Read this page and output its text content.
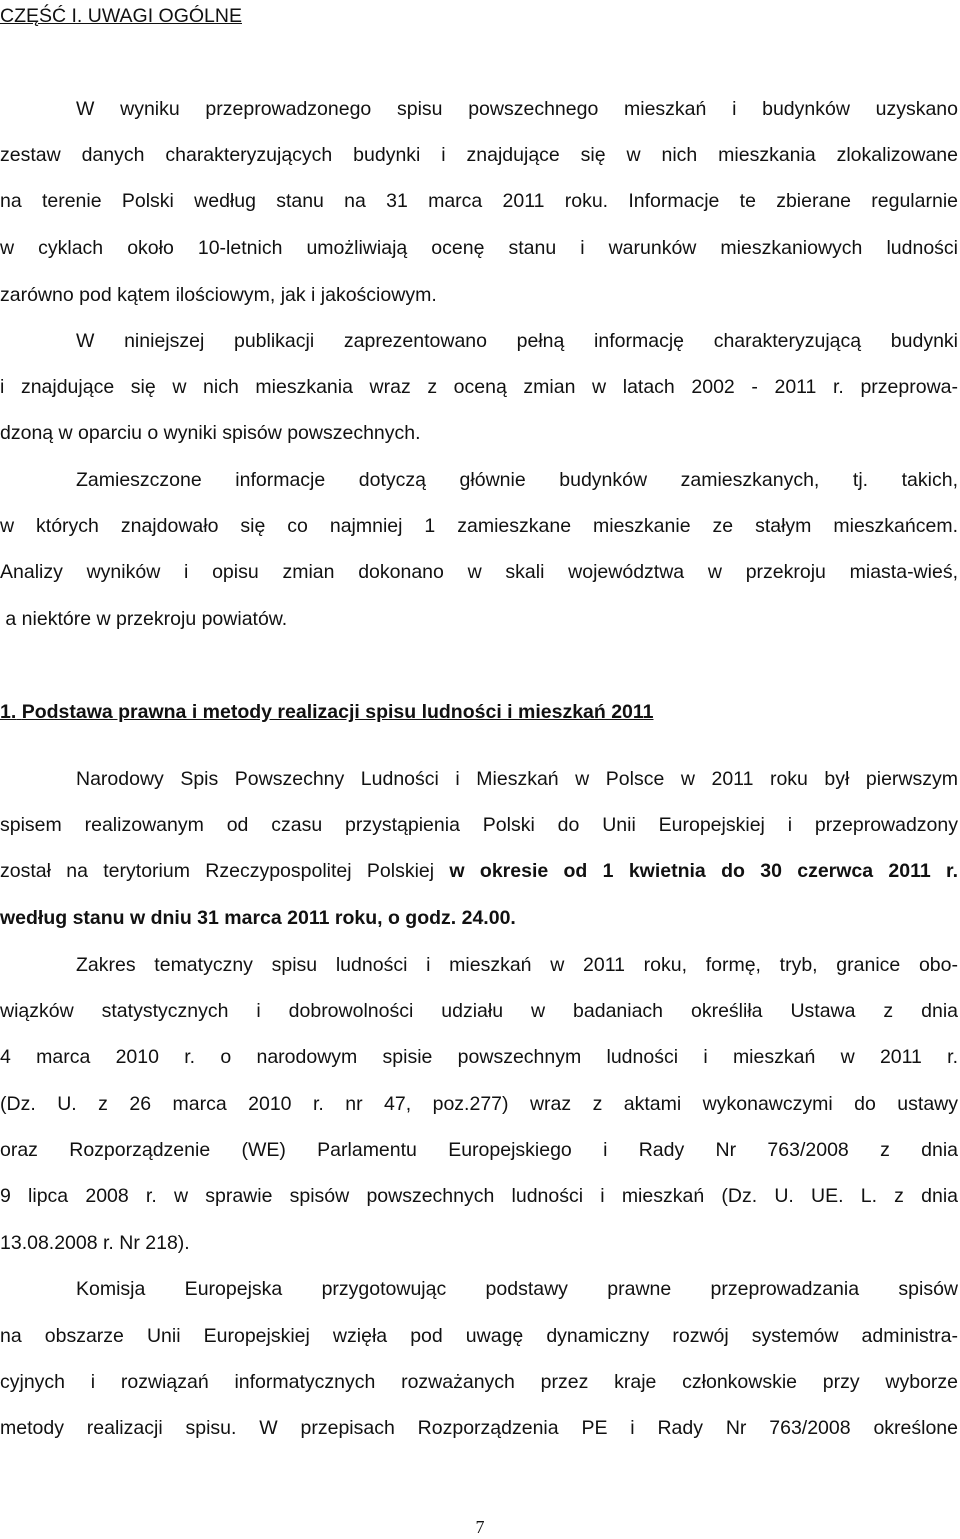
CZĘŚĆ I. UWAGI OGÓLNE
W wyniku przeprowadzonego spisu powszechnego mieszkań i budynków uzyskano
zestaw danych charakteryzujących budynki i znajdujące się w nich mieszkania zlokalizowane
na terenie Polski według stanu na 31 marca 2011 roku. Informacje te zbierane regularnie
w cyklach około 10-letnich umożliwiają ocenę stanu i warunków mieszkaniowych ludności
zarówno pod kątem ilościowym, jak i jakościowym.
W niniejszej publikacji zaprezentowano pełną informację charakteryzującą budynki
i znajdujące się w nich mieszkania wraz z oceną zmian w latach 2002 - 2011 r. przeprowa-
dzoną w oparciu o wyniki spisów powszechnych.
Zamieszczone informacje dotyczą głównie budynków zamieszkanych, tj. takich,
w których znajdowało się co najmniej 1 zamieszkane mieszkanie ze stałym mieszkańcem.
Analizy wyników i opisu zmian dokonano w skali województwa w przekroju miasta-wieś,
a niektóre w przekroju powiatów.
1. Podstawa prawna i metody realizacji spisu ludności i mieszkań 2011
Narodowy Spis Powszechny Ludności i Mieszkań w Polsce w 2011 roku był pierwszym
spisem realizowanym od czasu przystąpienia Polski do Unii Europejskiej i przeprowadzony
został na terytorium Rzeczypospolitej Polskiej w okresie od 1 kwietnia do 30 czerwca 2011 r.
według stanu w dniu 31 marca 2011 roku, o godz. 24.00.
Zakres tematyczny spisu ludności i mieszkań w 2011 roku, formę, tryb, granice obo-
wiązków statystycznych i dobrowolności udziału w badaniach określiła Ustawa z dnia
4 marca 2010 r. o narodowym spisie powszechnym ludności i mieszkań w 2011 r.
(Dz. U. z 26 marca 2010 r. nr 47, poz.277) wraz z aktami wykonawczymi do ustawy
oraz Rozporządzenie (WE) Parlamentu Europejskiego i Rady Nr 763/2008 z dnia
9 lipca 2008 r. w sprawie spisów powszechnych ludności i mieszkań (Dz. U. UE. L. z dnia
13.08.2008 r. Nr 218).
Komisja Europejska przygotowując podstawy prawne przeprowadzania spisów
na obszarze Unii Europejskiej wzięła pod uwagę dynamiczny rozwój systemów administra-
cyjnych i rozwiązań informatycznych rozważanych przez kraje członkowskie przy wyborze
metody realizacji spisu. W przepisach Rozporządzenia PE i Rady Nr 763/2008 określone
7
